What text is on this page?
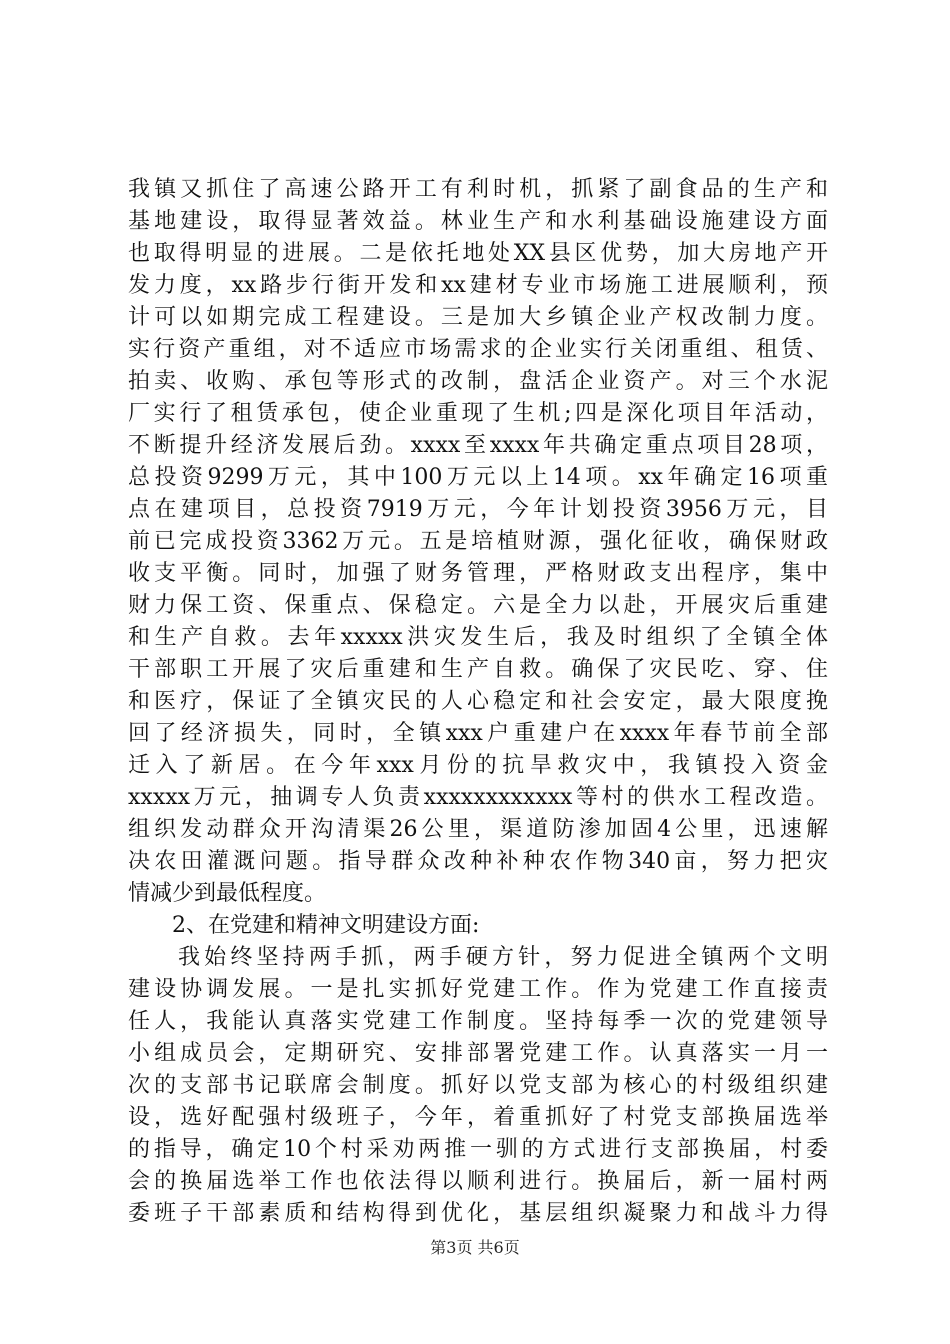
我镇又抓住了高速公路开工有利时机，抓紧了副食品的生产和
基地建设，取得显著效益。林业生产和水利基础设施建设方面
也取得明显的进展。二是依托地处XX县区优势，加大房地产开
发力度，xx路步行街开发和xx建材专业市场施工进展顺利，预
计可以如期完成工程建设。三是加大乡镇企业产权改制力度。
实行资产重组，对不适应市场需求的企业实行关闭重组、租赁、
拍卖、收购、承包等形式的改制，盘活企业资产。对三个水泥
厂实行了租赁承包，使企业重现了生机;四是深化项目年活动，
不断提升经济发展后劲。xxxx至xxxx年共确定重点项目28项，
总投资9299万元，其中100万元以上14项。xx年确定16项重
点在建项目，总投资7919万元，今年计划投资3956万元，目
前已完成投资3362万元。五是培植财源，强化征收，确保财政
收支平衡。同时，加强了财务管理，严格财政支出程序，集中
财力保工资、保重点、保稳定。六是全力以赴，开展灾后重建
和生产自救。去年xxxxx洪灾发生后，我及时组织了全镇全体
干部职工开展了灾后重建和生产自救。确保了灾民吃、穿、住
和医疗，保证了全镇灾民的人心稳定和社会安定，最大限度挽
回了经济损失，同时，全镇xxx户重建户在xxxx年春节前全部
迁入了新居。在今年xxx月份的抗旱救灾中，我镇投入资金
xxxxx万元，抽调专人负责xxxxxxxxxxxx等村的供水工程改造。
组织发动群众开沟清渠26公里，渠道防渗加固4公里，迅速解
决农田灌溉问题。指导群众改种补种农作物340亩，努力把灾
情减少到最低程度。
2、在党建和精神文明建设方面:
我始终坚持两手抓，两手硬方针，努力促进全镇两个文明
建设协调发展。一是扎实抓好党建工作。作为党建工作直接责
任人，我能认真落实党建工作制度。坚持每季一次的党建领导
小组成员会，定期研究、安排部署党建工作。认真落实一月一
次的支部书记联席会制度。抓好以党支部为核心的村级组织建
设，选好配强村级班子，今年，着重抓好了村党支部换届选举
的指导，确定10个村采劝两推一驯的方式进行支部换届，村委
会的换届选举工作也依法得以顺利进行。换届后，新一届村两
委班子干部素质和结构得到优化，基层组织凝聚力和战斗力得
第3页 共6页
